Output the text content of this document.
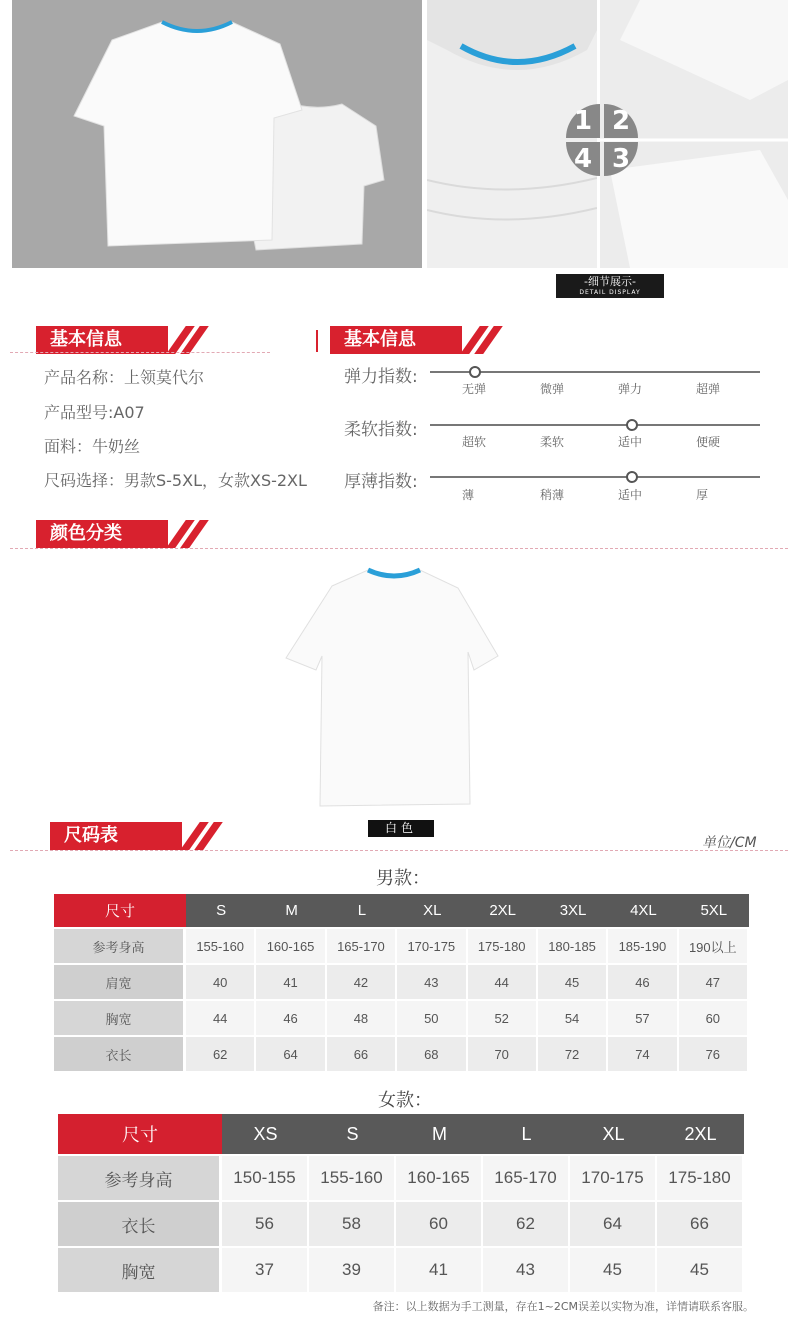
1 2
4 3
-细节展示-
DETAIL DISPLAY
基本信息
产品名称：上领莫代尔
产品型号:A07
面料：牛奶丝
尺码选择：男款S-5XL，女款XS-2XL
基本信息
弹力指数:
无弹	微弹	弹力	超弹
柔软指数:
超软	柔软	适中	便硬
厚薄指数:
薄	稍薄	适中	厚
颜色分类
白色
尺码表	单位/CM
男款：
尺寸	S	M	L	XL	2XL	3XL	4XL	5XL
参考身高	155-160	160-165	165-170	170-175	175-180	180-185	185-190	190以上
肩宽	40	41	42	43	44	45	46	47
胸宽	44	46	48	50	52	54	57	60
衣长	62	64	66	68	70	72	74	76
女款：
尺寸	XS	S	M	L	XL	2XL
参考身高	150-155	155-160	160-165	165-170	170-175	175-180
衣长	56	58	60	62	64	66
胸宽	37	39	41	43	45	45
备注：以上数据为手工测量，存在1~2CM误差以实物为准，详情请联系客服。
